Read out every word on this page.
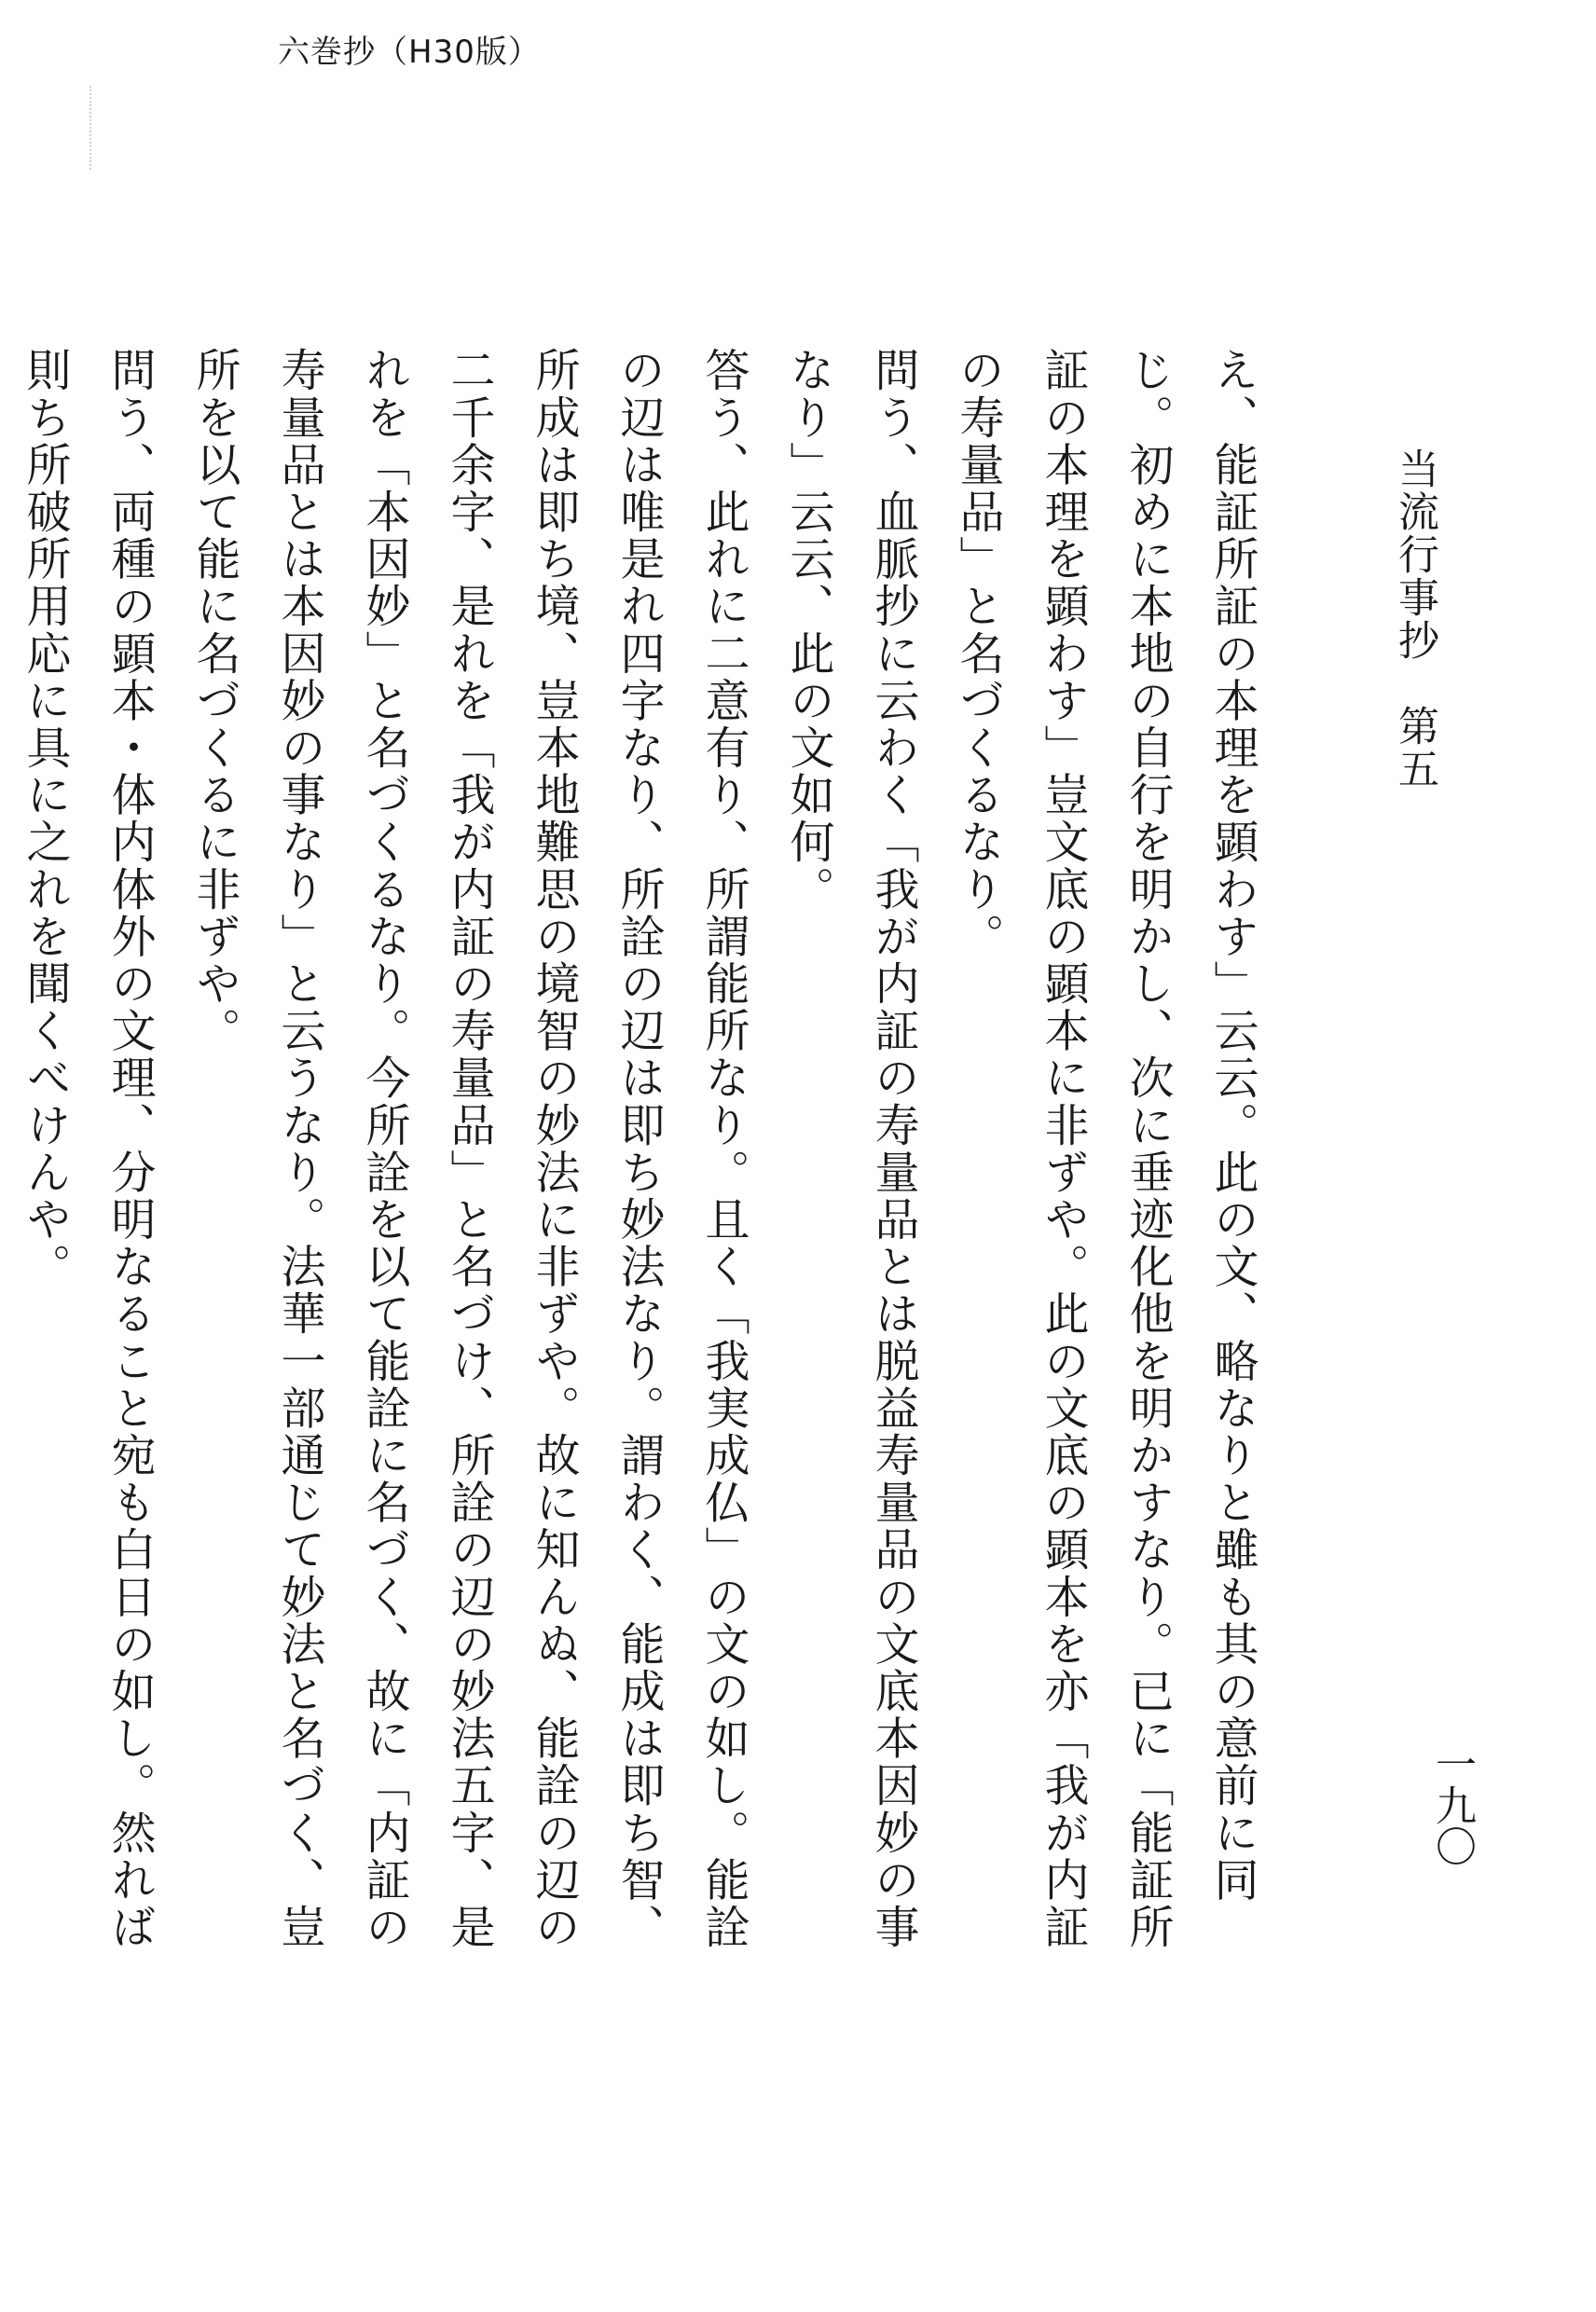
六巻抄（H30版）
当流行事抄　第五
一九〇

え、能証所証の本理を顕わす」云云。此の文、略なりと雖も其の意前に同じ。初めに本地の自行を明かし、次に垂迹化他を明かすなり。已に「能証所証の本理を顕わす」豈文底の顕本に非ずや。此の文底の顕本を亦「我が内証の寿量品」と名づくるなり。

問う、血脈抄に云わく「我が内証の寿量品とは脱益寿量品の文底本因妙の事なり」云云、此の文如何。

答う、此れに二意有り、所謂能所なり。且く「我実成仏」の文の如し。能詮の辺は唯是れ四字なり、所詮の辺は即ち妙法なり。謂わく、能成は即ち智、所成は即ち境、豈本地難思の境智の妙法に非ずや。故に知んぬ、能詮の辺の二千余字、是れを「我が内証の寿量品」と名づけ、所詮の辺の妙法五字、是れを「本因妙」と名づくるなり。今所詮を以て能詮に名づく、故に「内証の寿量品とは本因妙の事なり」と云うなり。法華一部通じて妙法と名づく、豈所を以て能に名づくるに非ずや。

問う、両種の顕本・体内体外の文理、分明なること宛も白日の如し。然れば則ち所破所用応に具に之れを聞くべけんや。
